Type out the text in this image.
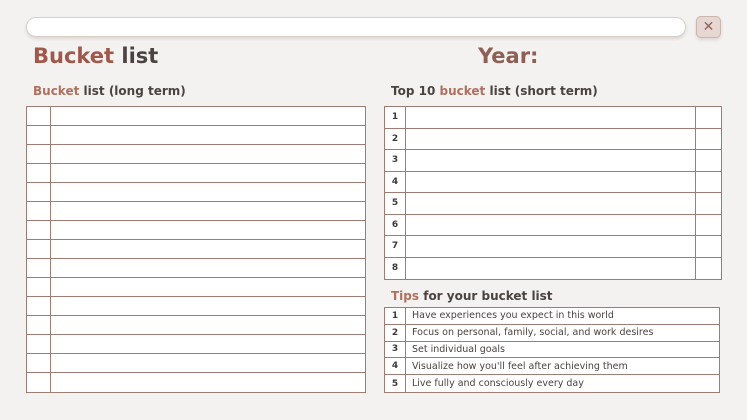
✕
Bucket list	Year:
Bucket list (long term)	Top 10 bucket list (short term)
1
2
3
4
5
6
7
8
Tips for your bucket list
1	Have experiences you expect in this world
2	Focus on personal, family, social, and work desires
3	Set individual goals
4	Visualize how you'll feel after achieving them
5	Live fully and consciously every day
